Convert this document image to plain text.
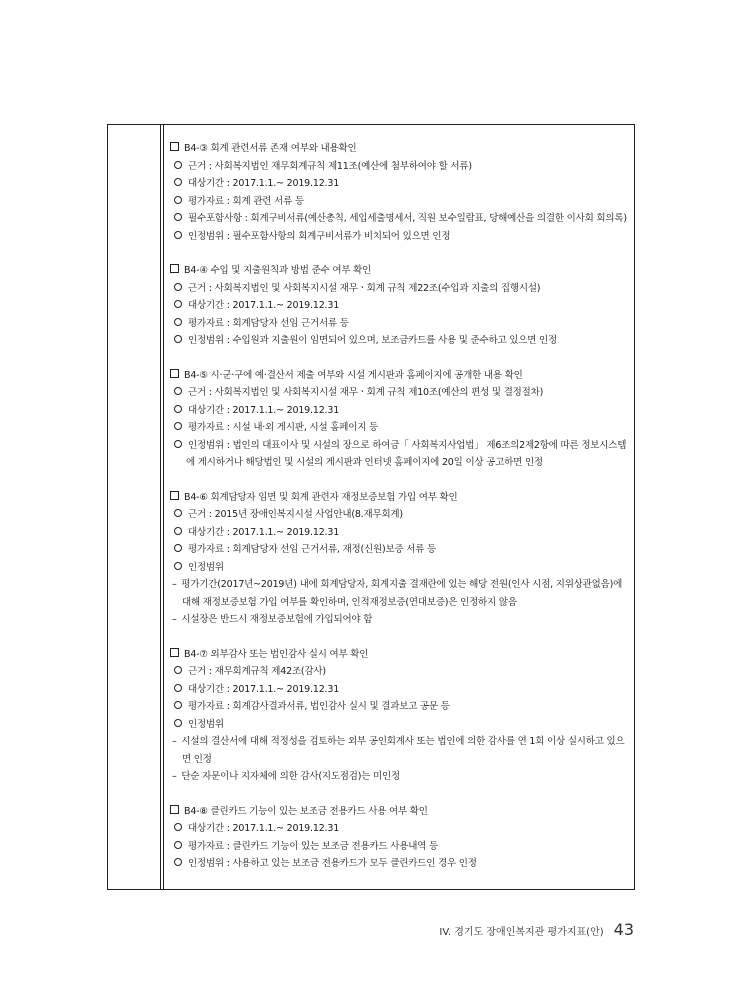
B4-③ 회계 관련서류 존재 여부와 내용확인
근거 : 사회복지법인 재무회계규칙 제11조(예산에 첨부하여야 할 서류)
대상기간 : 2017.1.1.~ 2019.12.31
평가자료 : 회계 관련 서류 등
필수포함사항 : 회계구비서류(예산총칙, 세입세출명세서, 직원 보수일람표, 당해예산을 의결한 이사회 회의록)
인정범위 : 필수포함사항의 회계구비서류가 비치되어 있으면 인정
B4-④ 수입 및 지출원칙과 방법 준수 여부 확인
근거 : 사회복지법인 및 사회복지시설 재무ㆍ회계 규칙 제22조(수입과 지출의 집행시설)
대상기간 : 2017.1.1.~ 2019.12.31
평가자료 : 회계담당자 선임 근거서류 등
인정범위 : 수입원과 지출원이 임면되어 있으며, 보조금카드를 사용 및 준수하고 있으면 인정
B4-⑤ 시·군·구에 예·결산서 제출 여부와 시설 게시판과 홈페이지에 공개한 내용 확인
근거 : 사회복지법인 및 사회복지시설 재무ㆍ회계 규칙 제10조(예산의 편성 및 결정절차)
대상기간 : 2017.1.1.~ 2019.12.31
평가자료 : 시설 내·외 게시판, 시설 홈페이지 등
인정범위 : 법인의 대표이사 및 시설의 장으로 하여금「 사회복지사업법」 제6조의2제2항에 따른 정보시스템에 게시하거나 해당법인 및 시설의 게시판과 인터넷 홈페이지에 20일 이상 공고하면 인정
B4-⑥ 회계담당자 임면 및 회계 관련자 재정보증보험 가입 여부 확인
근거 : 2015년 장애인복지시설 사업안내(8.재무회계)
대상기간 : 2017.1.1.~ 2019.12.31
평가자료 : 회계담당자 선임 근거서류, 재정(신원)보증 서류 등
인정범위
– 평가기간(2017년~2019년) 내에 회계담당자, 회계지출 결재란에 있는 해당 전원(인사 시점, 지위상관없음)에 대해 재정보증보험 가입 여부를 확인하며, 인적재정보증(연대보증)은 인정하지 않음
– 시설장은 반드시 재정보증보험에 가입되어야 함
B4-⑦ 외부감사 또는 법인감사 실시 여부 확인
근거 : 재무회계규칙 제42조(감사)
대상기간 : 2017.1.1.~ 2019.12.31
평가자료 : 회계감사결과서류, 법인감사 실시 및 결과보고 공문 등
인정범위
– 시설의 결산서에 대해 적정성을 검토하는 외부 공인회계사 또는 법인에 의한 감사를 연 1회 이상 실시하고 있으면 인정
– 단순 자문이나 지자체에 의한 감사(지도점검)는 미인정
B4-⑧ 클린카드 기능이 있는 보조금 전용카드 사용 여부 확인
대상기간 : 2017.1.1.~ 2019.12.31
평가자료 : 클린카드 기능이 있는 보조금 전용카드 사용내역 등
인정범위 : 사용하고 있는 보조금 전용카드가 모두 클린카드인 경우 인정
IV. 경기도 장애인복지관 평가지표(안) 43
